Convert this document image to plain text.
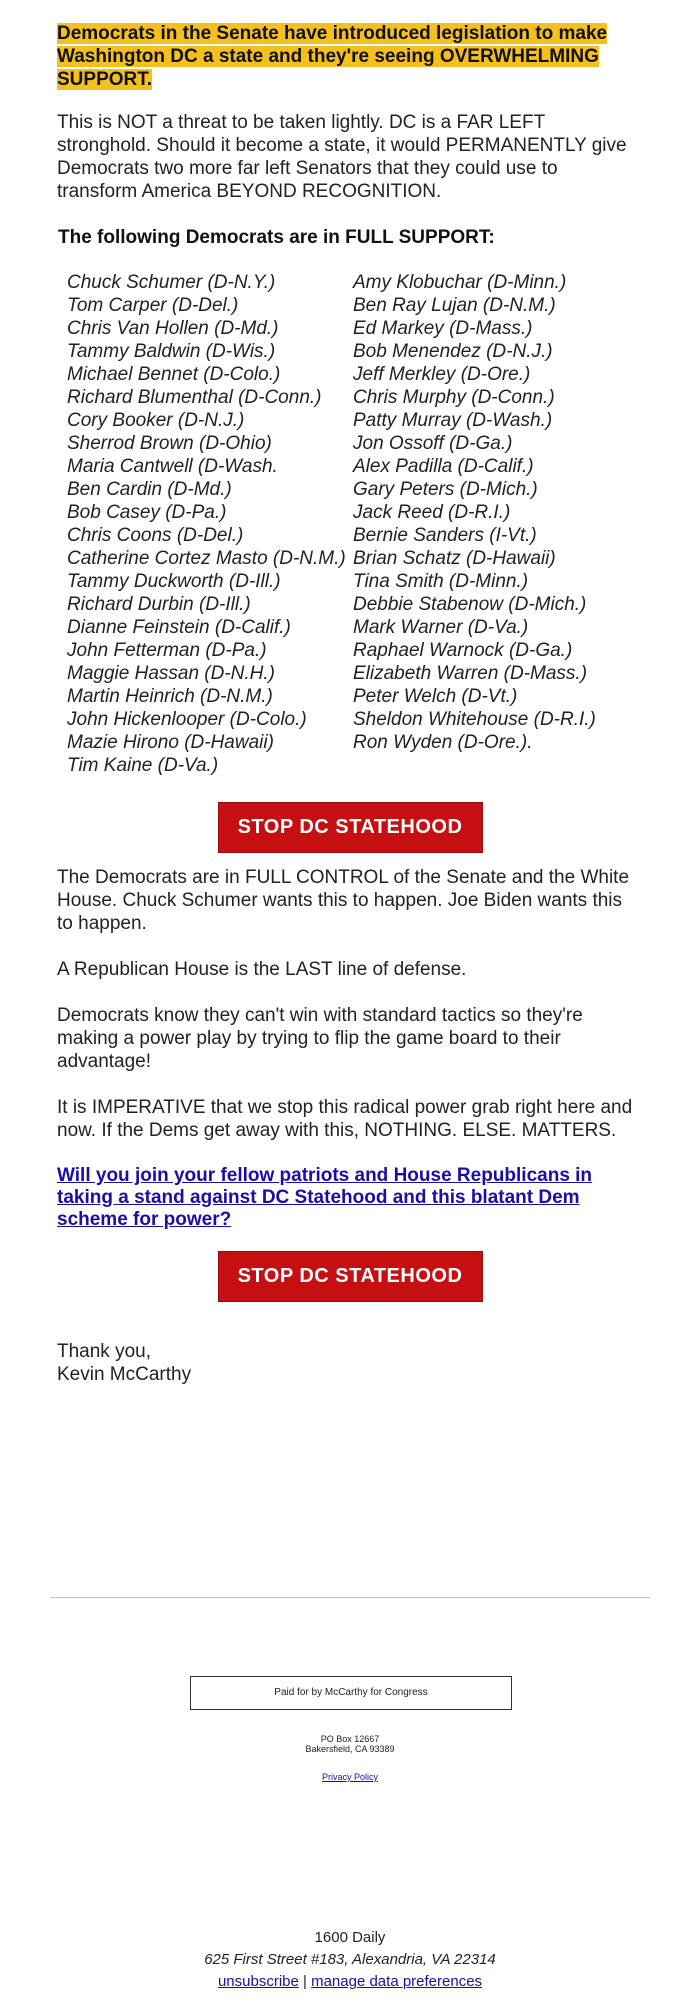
Democrats in the Senate have introduced legislation to make Washington DC a state and they're seeing OVERWHELMING SUPPORT.

This is NOT a threat to be taken lightly. DC is a FAR LEFT stronghold. Should it become a state, it would PERMANENTLY give Democrats two more far left Senators that they could use to transform America BEYOND RECOGNITION.

The following Democrats are in FULL SUPPORT:
Chuck Schumer (D-N.Y.)
Tom Carper (D-Del.)
Chris Van Hollen (D-Md.)
Tammy Baldwin (D-Wis.)
Michael Bennet (D-Colo.)
Richard Blumenthal (D-Conn.)
Cory Booker (D-N.J.)
Sherrod Brown (D-Ohio)
Maria Cantwell (D-Wash.
Ben Cardin (D-Md.)
Bob Casey (D-Pa.)
Chris Coons (D-Del.)
Catherine Cortez Masto (D-N.M.)
Tammy Duckworth (D-Ill.)
Richard Durbin (D-Ill.)
Dianne Feinstein (D-Calif.)
John Fetterman (D-Pa.)
Maggie Hassan (D-N.H.)
Martin Heinrich (D-N.M.)
John Hickenlooper (D-Colo.)
Mazie Hirono (D-Hawaii)
Tim Kaine (D-Va.)
Amy Klobuchar (D-Minn.)
Ben Ray Lujan (D-N.M.)
Ed Markey (D-Mass.)
Bob Menendez (D-N.J.)
Jeff Merkley (D-Ore.)
Chris Murphy (D-Conn.)
Patty Murray (D-Wash.)
Jon Ossoff (D-Ga.)
Alex Padilla (D-Calif.)
Gary Peters (D-Mich.)
Jack Reed (D-R.I.)
Bernie Sanders (I-Vt.)
Brian Schatz (D-Hawaii)
Tina Smith (D-Minn.)
Debbie Stabenow (D-Mich.)
Mark Warner (D-Va.)
Raphael Warnock (D-Ga.)
Elizabeth Warren (D-Mass.)
Peter Welch (D-Vt.)
Sheldon Whitehouse (D-R.I.)
Ron Wyden (D-Ore.).
STOP DC STATEHOOD

The Democrats are in FULL CONTROL of the Senate and the White House. Chuck Schumer wants this to happen. Joe Biden wants this to happen.

A Republican House is the LAST line of defense.

Democrats know they can't win with standard tactics so they're making a power play by trying to flip the game board to their advantage!

It is IMPERATIVE that we stop this radical power grab right here and now. If the Dems get away with this, NOTHING. ELSE. MATTERS.

Will you join your fellow patriots and House Republicans in taking a stand against DC Statehood and this blatant Dem scheme for power?
STOP DC STATEHOOD

Thank you,

Kevin McCarthy

Paid for by McCarthy for Congress
PO Box 12667
Bakersfield, CA 93389
Privacy Policy
1600 Daily
625 First Street #183, Alexandria, VA 22314
unsubscribe | manage data preferences
